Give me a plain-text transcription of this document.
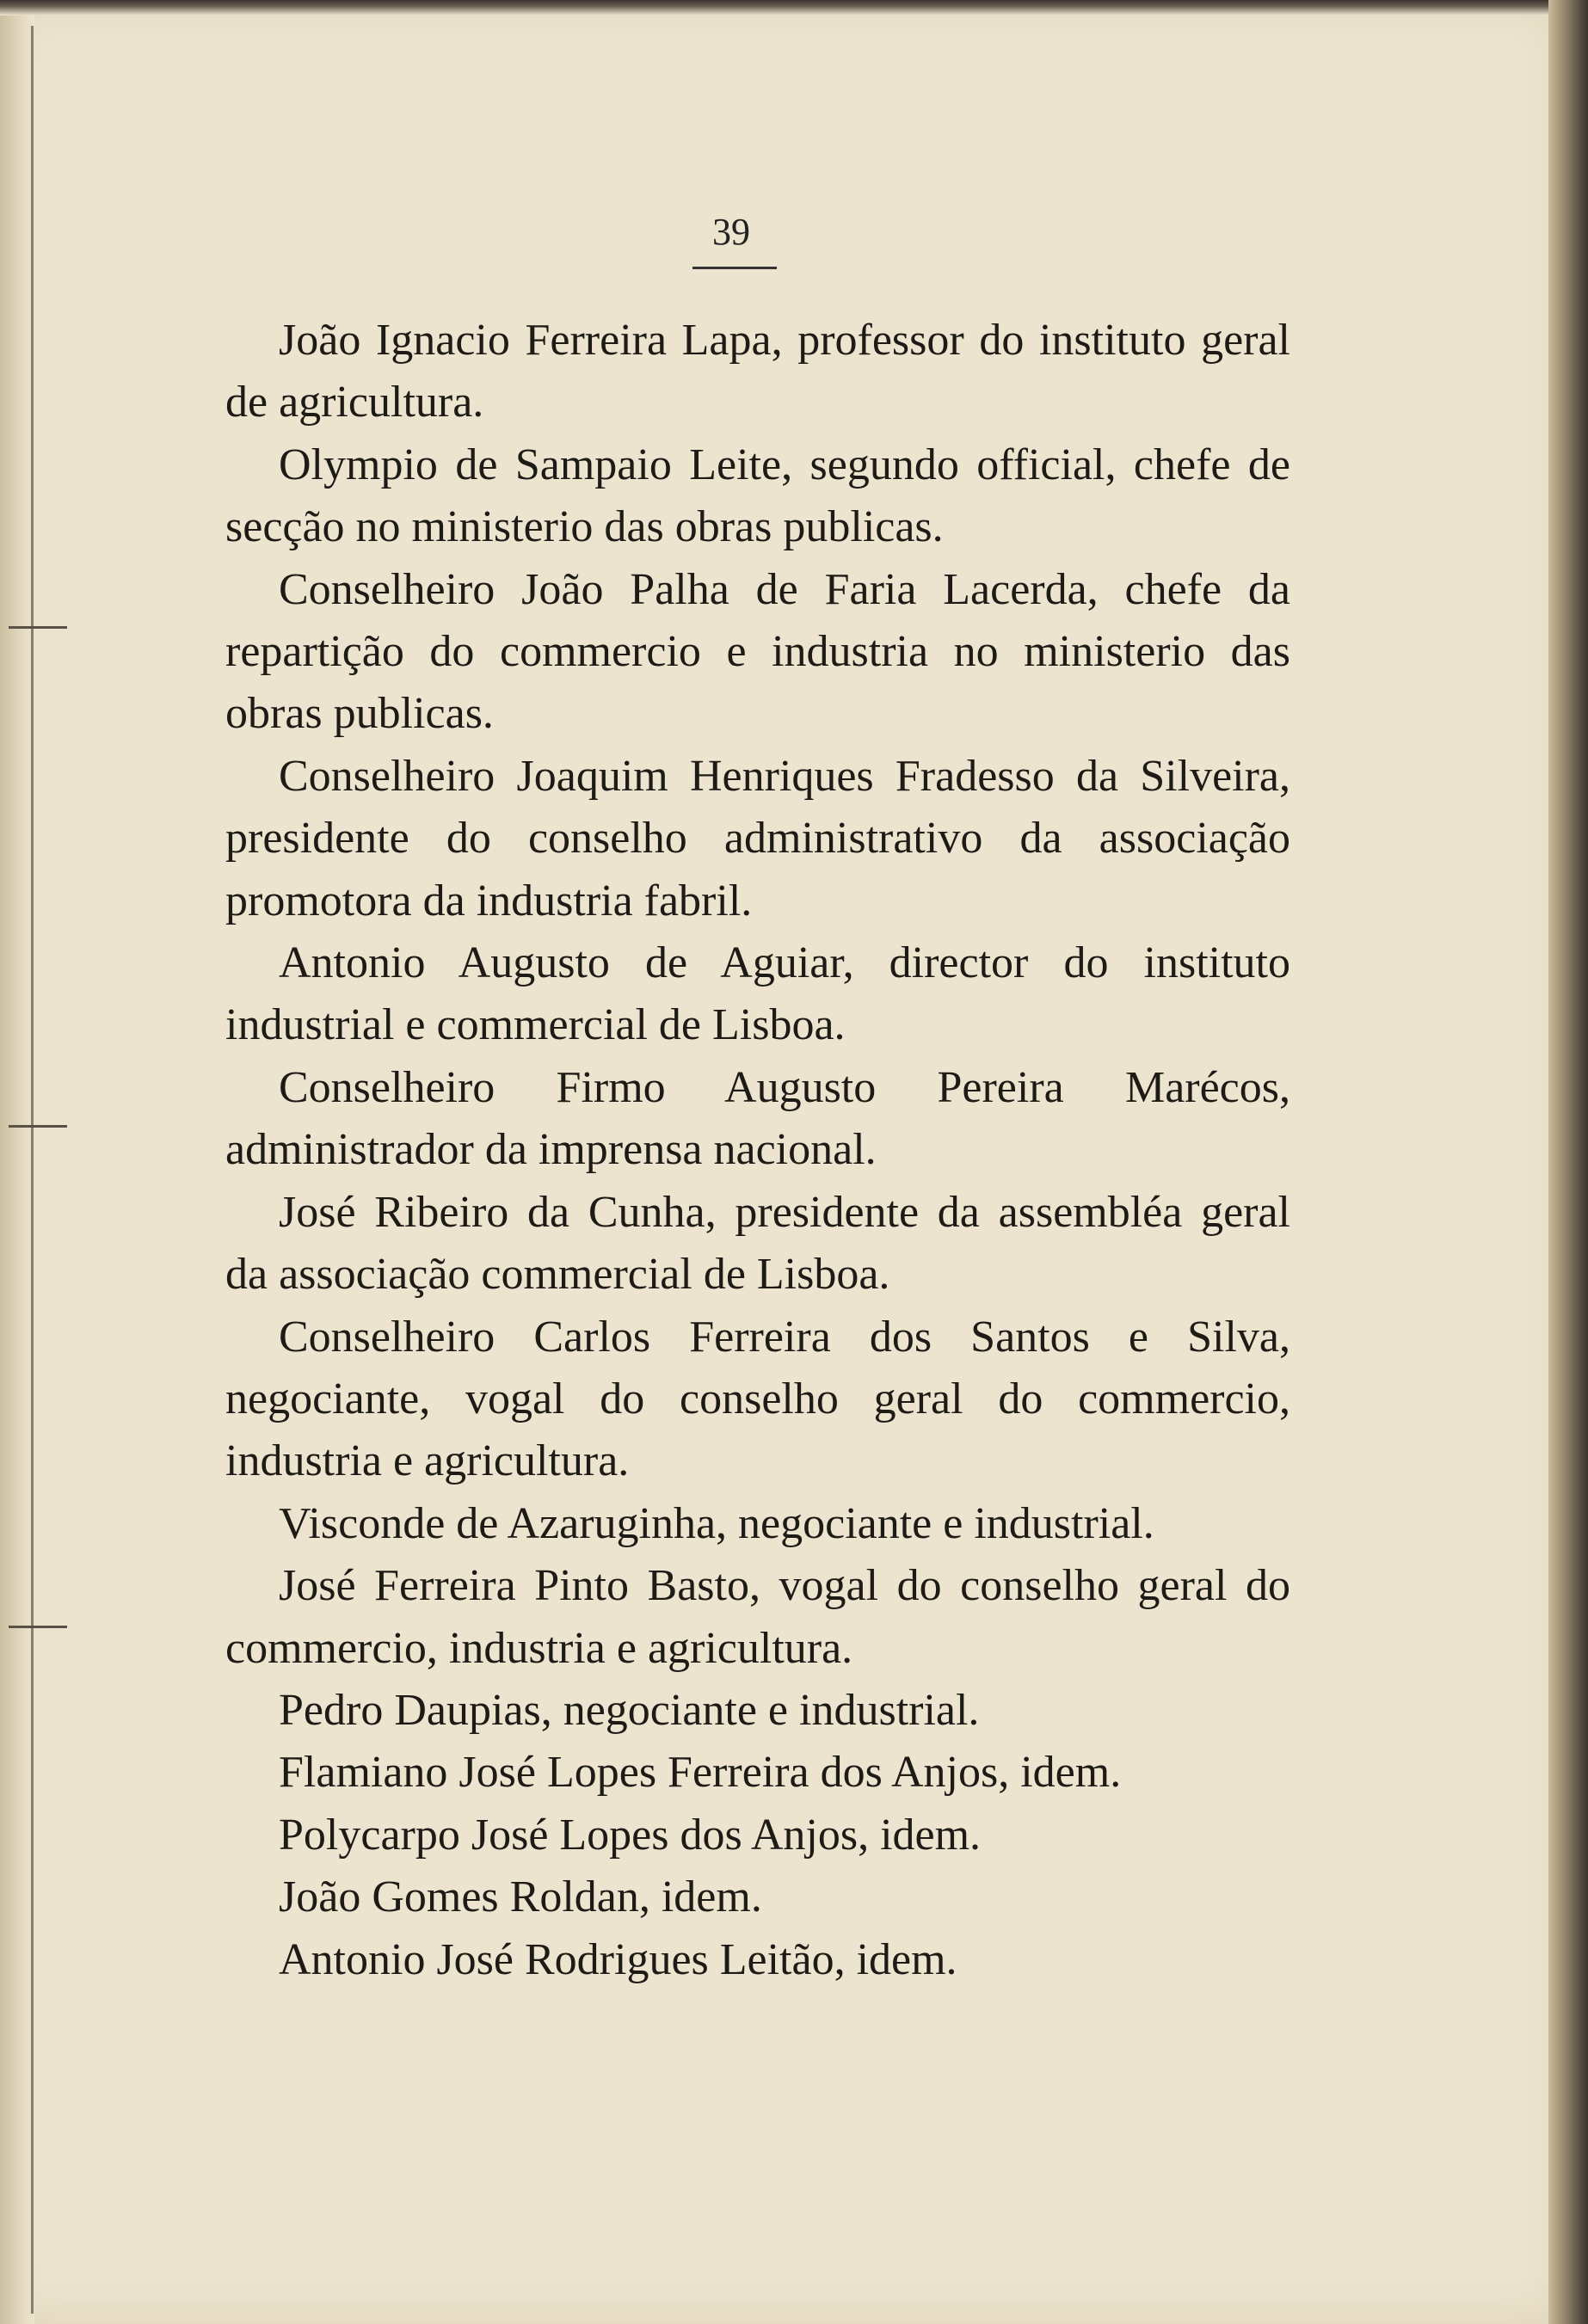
39

João Ignacio Ferreira Lapa, professor do instituto geral de agricultura.

Olympio de Sampaio Leite, segundo official, chefe de secção no ministerio das obras publicas.

Conselheiro João Palha de Faria Lacerda, chefe da repartição do commercio e industria no ministerio das obras publicas.

Conselheiro Joaquim Henriques Fradesso da Silveira, presidente do conselho administrativo da associação promotora da industria fabril.

Antonio Augusto de Aguiar, director do instituto industrial e commercial de Lisboa.

Conselheiro Firmo Augusto Pereira Marécos, administrador da imprensa nacional.

José Ribeiro da Cunha, presidente da assembléa geral da associação commercial de Lisboa.

Conselheiro Carlos Ferreira dos Santos e Silva, negociante, vogal do conselho geral do commercio, industria e agricultura.

Visconde de Azaruginha, negociante e industrial.

José Ferreira Pinto Basto, vogal do conselho geral do commercio, industria e agricultura.

Pedro Daupias, negociante e industrial.

Flamiano José Lopes Ferreira dos Anjos, idem.

Polycarpo José Lopes dos Anjos, idem.

João Gomes Roldan, idem.

Antonio José Rodrigues Leitão, idem.
